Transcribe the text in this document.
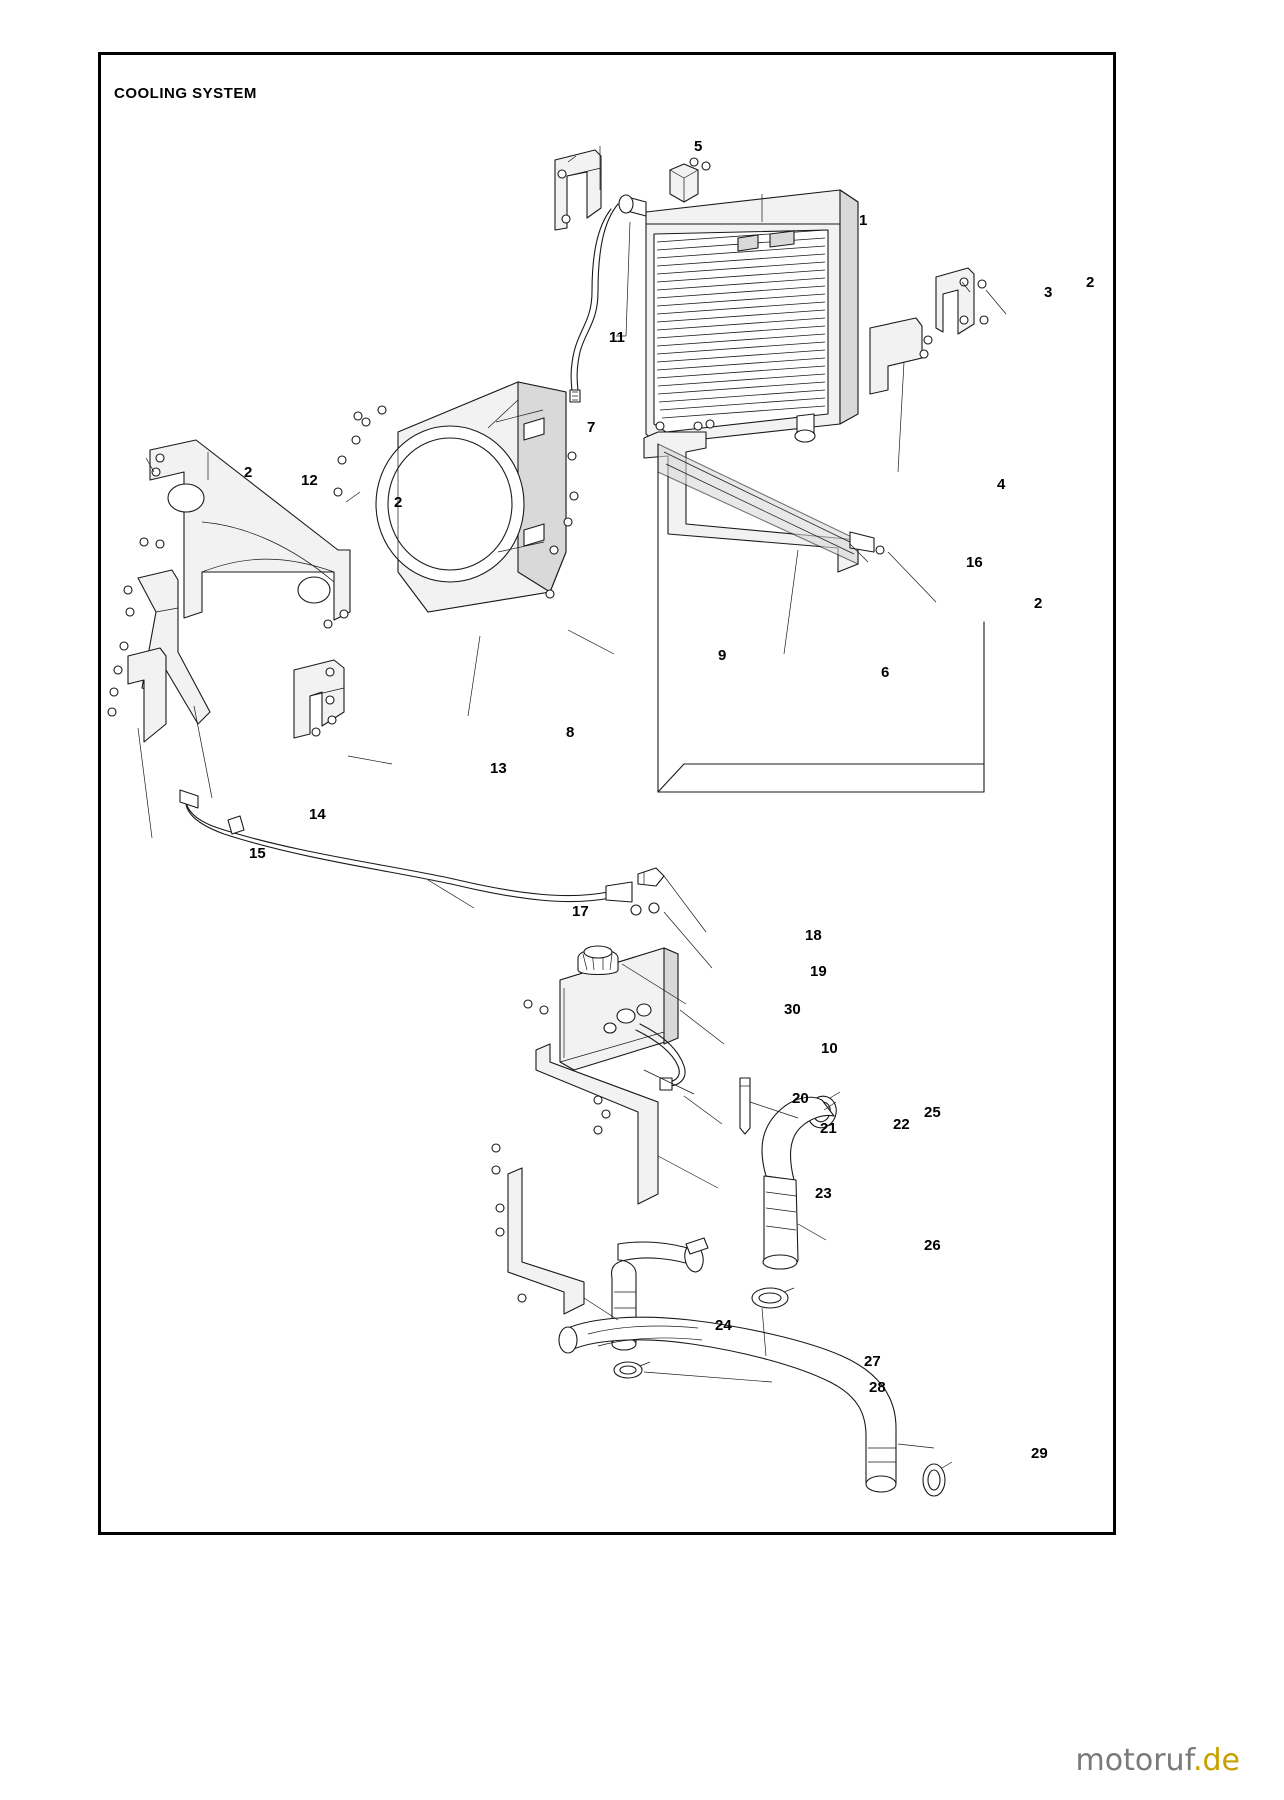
COOLING SYSTEM
5
1
2
3
11
4
7
2	12
2
16
2
9
6
8
13
14
15
17
18
19
30
10
20
21	22
25
23
26
24
27
28
29
motoruf.de
